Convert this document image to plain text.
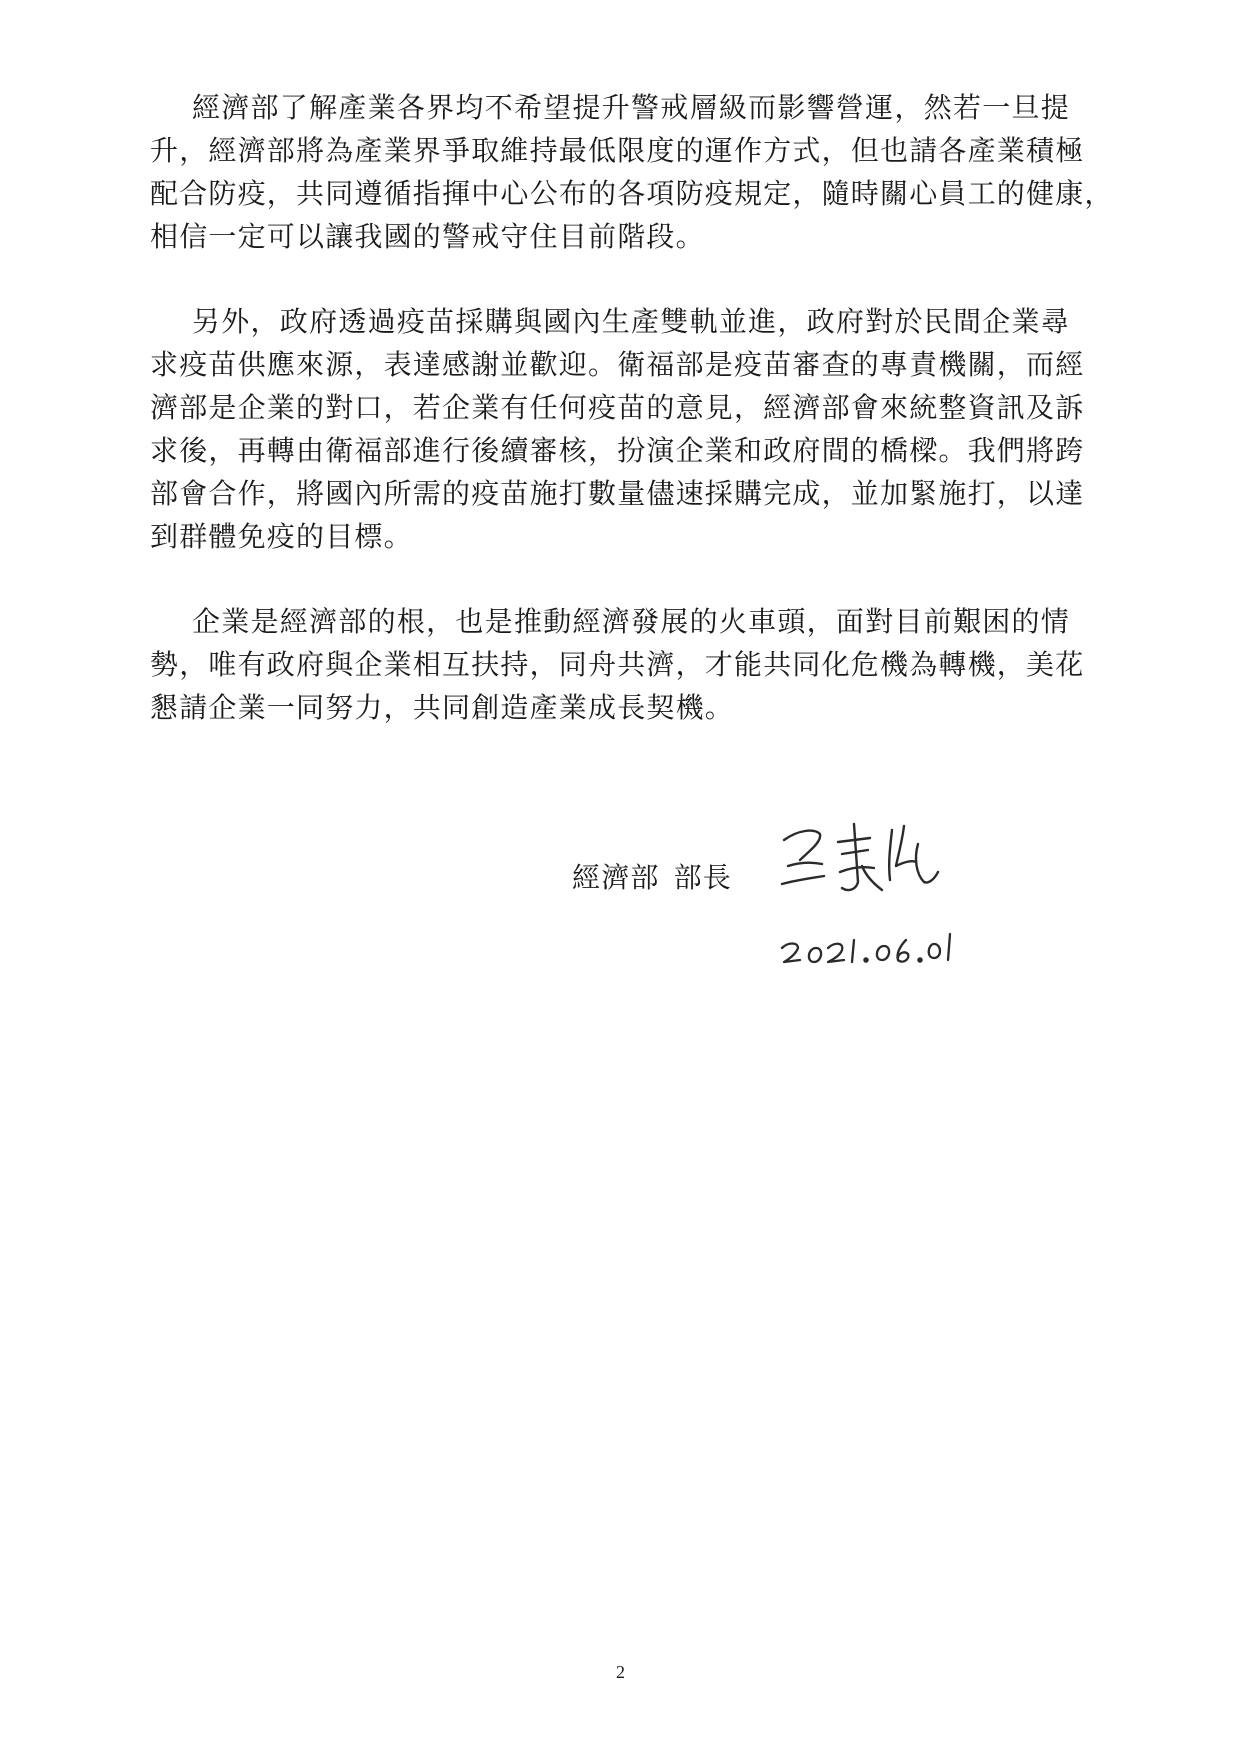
經濟部了解產業各界均不希望提升警戒層級而影響營運，然若一旦提
升，經濟部將為產業界爭取維持最低限度的運作方式，但也請各產業積極
配合防疫，共同遵循指揮中心公布的各項防疫規定，隨時關心員工的健康，
相信一定可以讓我國的警戒守住目前階段。

另外，政府透過疫苗採購與國內生產雙軌並進，政府對於民間企業尋
求疫苗供應來源，表達感謝並歡迎。衛福部是疫苗審查的專責機關，而經
濟部是企業的對口，若企業有任何疫苗的意見，經濟部會來統整資訊及訴
求後，再轉由衛福部進行後續審核，扮演企業和政府間的橋樑。我們將跨
部會合作，將國內所需的疫苗施打數量儘速採購完成，並加緊施打，以達
到群體免疫的目標。

企業是經濟部的根，也是推動經濟發展的火車頭，面對目前艱困的情
勢，唯有政府與企業相互扶持，同舟共濟，才能共同化危機為轉機，美花
懇請企業一同努力，共同創造產業成長契機。

經濟部 部長
2
